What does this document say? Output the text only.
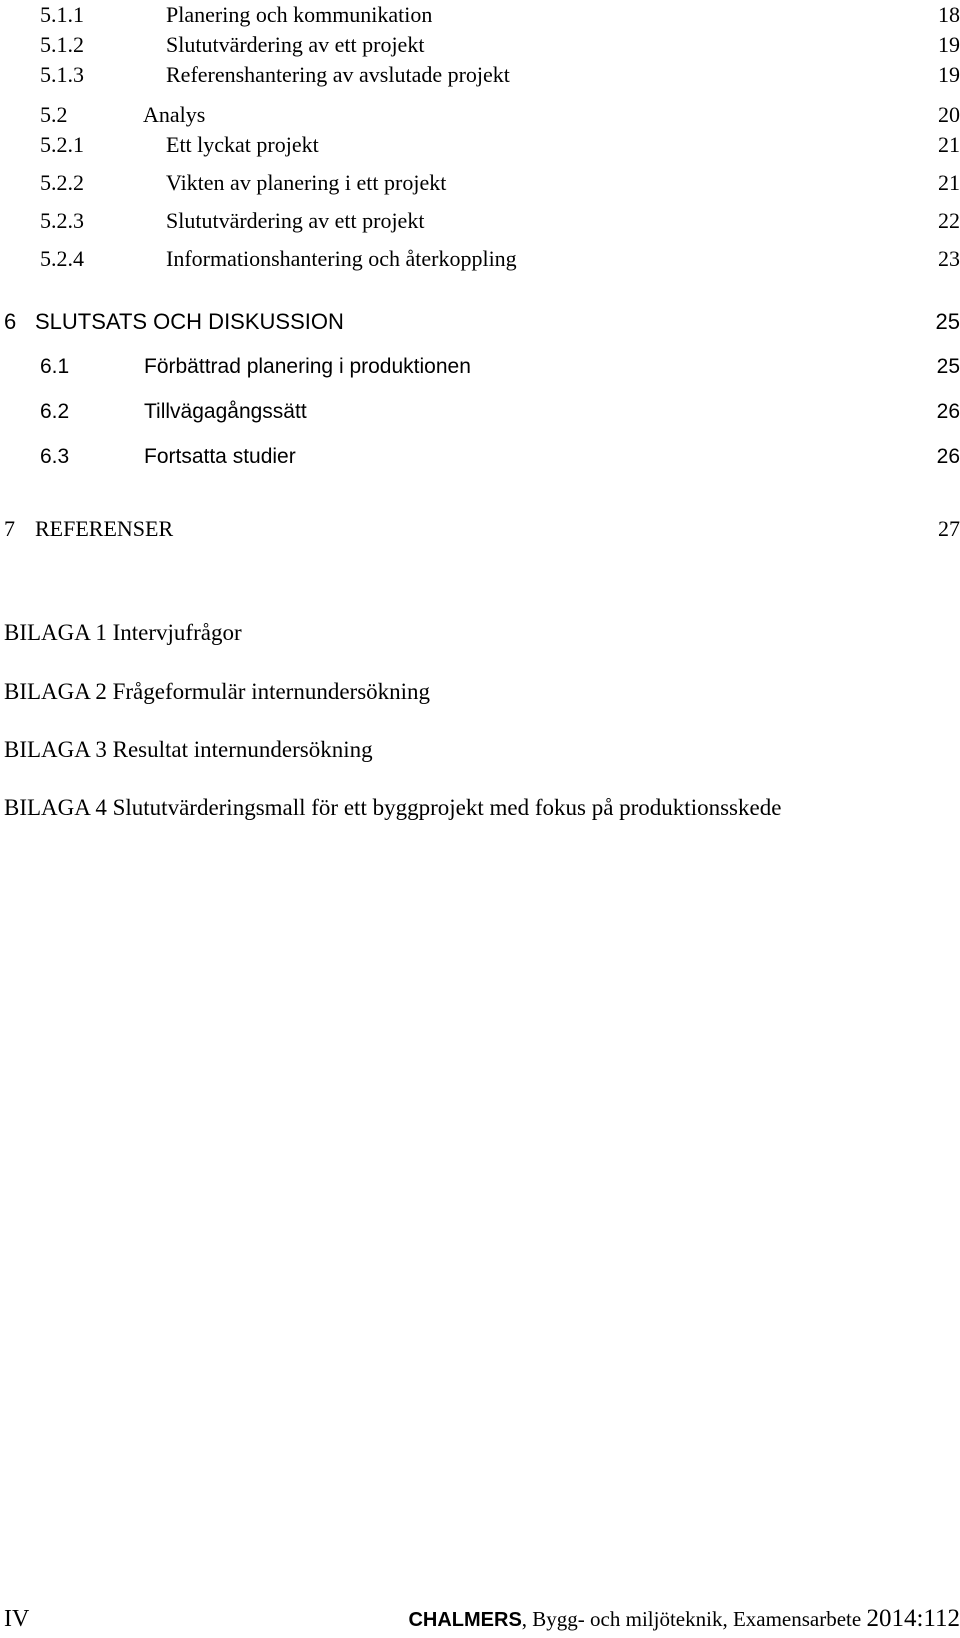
5.1.1	Planering och kommunikation	18
5.1.2	Slututvärdering av ett projekt	19
5.1.3	Referenshantering av avslutade projekt	19
5.2	Analys	20
5.2.1	Ett lyckat projekt	21
5.2.2	Vikten av planering i ett projekt	21
5.2.3	Slututvärdering av ett projekt	22
5.2.4	Informationshantering och återkoppling	23
6 SLUTSATS OCH DISKUSSION	25
6.1	Förbättrad planering i produktionen	25
6.2	Tillvägagångssätt	26
6.3	Fortsatta studier	26
7 REFERENSER	27
BILAGA 1 Intervjufrågor
BILAGA 2 Frågeformulär internundersökning
BILAGA 3 Resultat internundersökning
BILAGA 4 Slututvärderingsmall för ett byggprojekt med fokus på produktionsskede
IV	CHALMERS, Bygg- och miljöteknik, Examensarbete 2014:112
